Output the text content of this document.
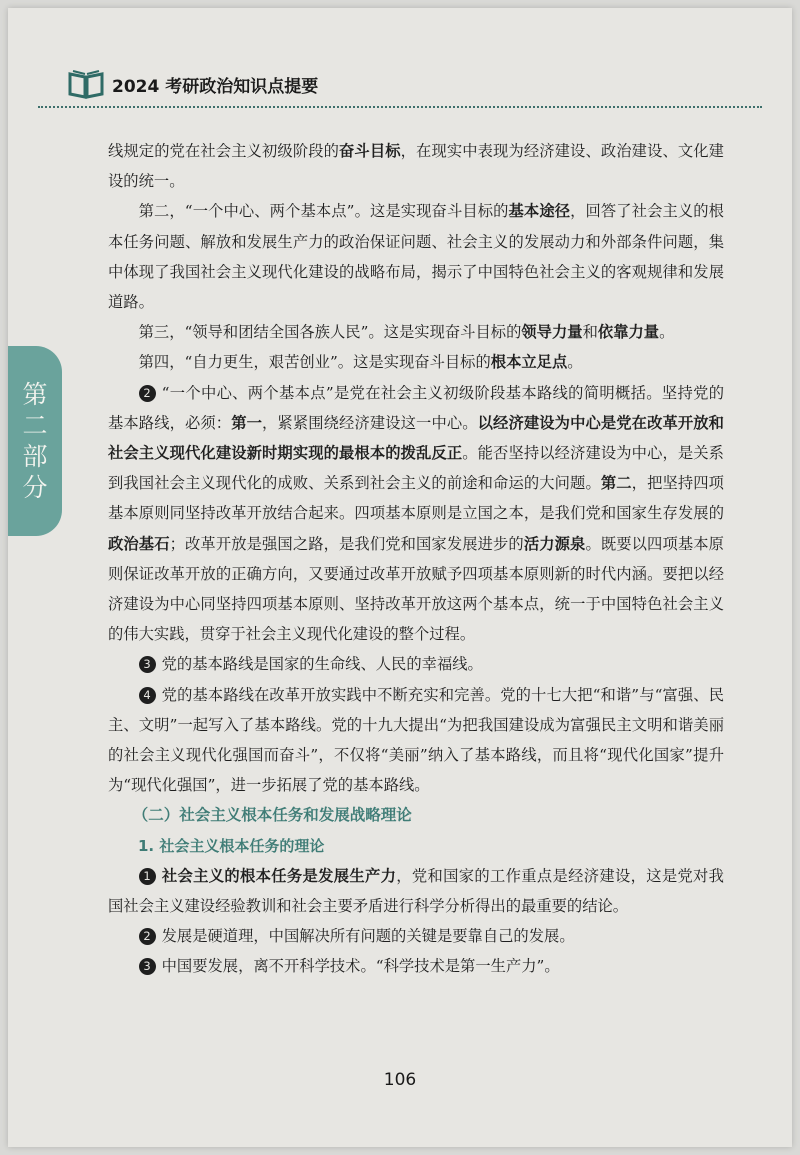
2024 考研政治知识点提要
第
二
部
分

线规定的党在社会主义初级阶段的奋斗目标，在现实中表现为经济建设、政治建设、文化建设的统一。

第二，“一个中心、两个基本点”。这是实现奋斗目标的基本途径，回答了社会主义的根本任务问题、解放和发展生产力的政治保证问题、社会主义的发展动力和外部条件问题，集中体现了我国社会主义现代化建设的战略布局，揭示了中国特色社会主义的客观规律和发展道路。

第三，“领导和团结全国各族人民”。这是实现奋斗目标的领导力量和依靠力量。

第四，“自力更生，艰苦创业”。这是实现奋斗目标的根本立足点。

2 “一个中心、两个基本点”是党在社会主义初级阶段基本路线的简明概括。坚持党的基本路线，必须：第一，紧紧围绕经济建设这一中心。以经济建设为中心是党在改革开放和社会主义现代化建设新时期实现的最根本的拨乱反正。能否坚持以经济建设为中心，是关系到我国社会主义现代化的成败、关系到社会主义的前途和命运的大问题。第二，把坚持四项基本原则同坚持改革开放结合起来。四项基本原则是立国之本，是我们党和国家生存发展的政治基石；改革开放是强国之路，是我们党和国家发展进步的活力源泉。既要以四项基本原则保证改革开放的正确方向，又要通过改革开放赋予四项基本原则新的时代内涵。要把以经济建设为中心同坚持四项基本原则、坚持改革开放这两个基本点，统一于中国特色社会主义的伟大实践，贯穿于社会主义现代化建设的整个过程。

3 党的基本路线是国家的生命线、人民的幸福线。

4 党的基本路线在改革开放实践中不断充实和完善。党的十七大把“和谐”与“富强、民主、文明”一起写入了基本路线。党的十九大提出“为把我国建设成为富强民主文明和谐美丽的社会主义现代化强国而奋斗”，不仅将“美丽”纳入了基本路线，而且将“现代化国家”提升为“现代化强国”，进一步拓展了党的基本路线。

（二）社会主义根本任务和发展战略理论

1. 社会主义根本任务的理论

1 社会主义的根本任务是发展生产力，党和国家的工作重点是经济建设，这是党对我国社会主义建设经验教训和社会主要矛盾进行科学分析得出的最重要的结论。

2 发展是硬道理，中国解决所有问题的关键是要靠自己的发展。

3 中国要发展，离不开科学技术。“科学技术是第一生产力”。

106
